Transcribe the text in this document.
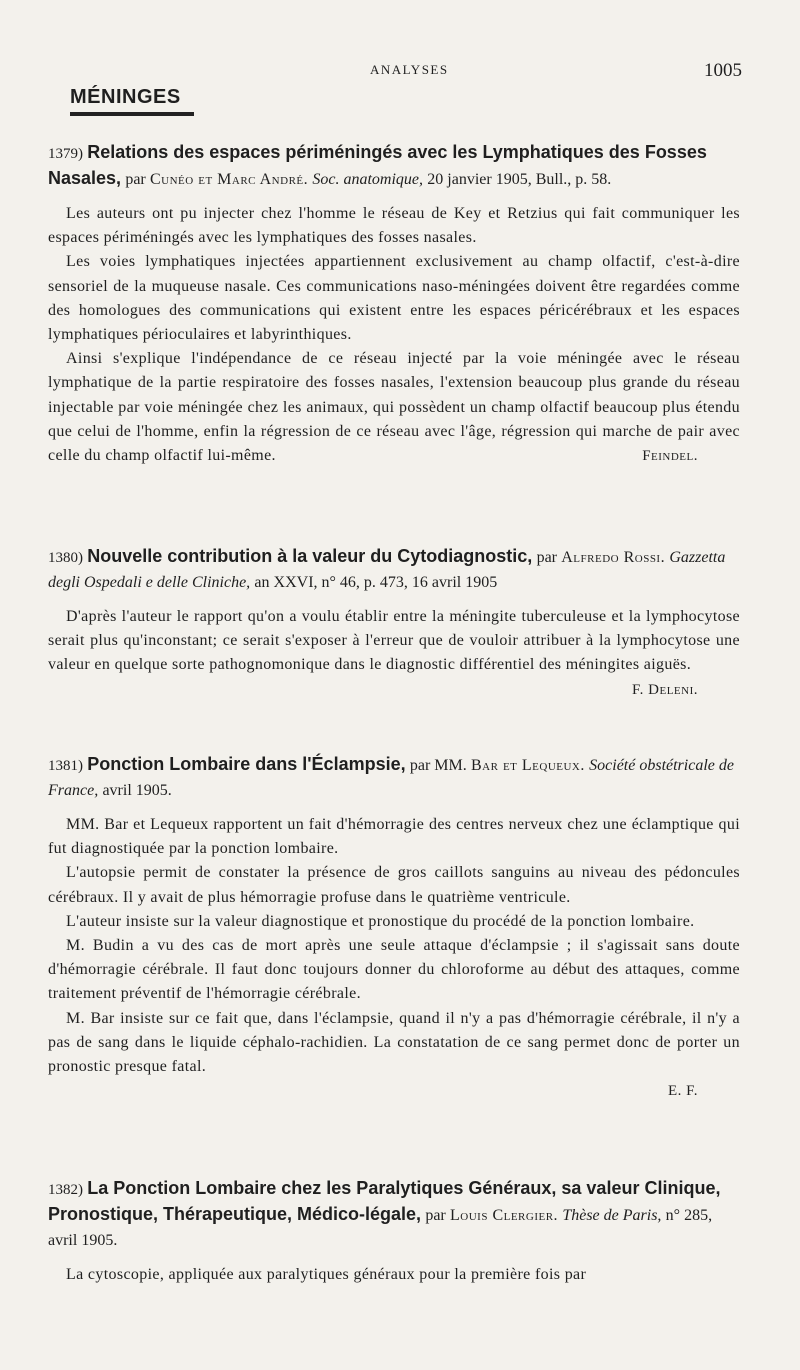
ANALYSES	1005
MÉNINGES

1379) Relations des espaces périméningés avec les Lymphatiques des Fosses Nasales, par Cunéo et Marc André. Soc. anatomique, 20 janvier 1905, Bull., p. 58.

Les auteurs ont pu injecter chez l'homme le réseau de Key et Retzius qui fait communiquer les espaces périméningés avec les lymphatiques des fosses nasales.

Les voies lymphatiques injectées appartiennent exclusivement au champ olfactif, c'est-à-dire sensoriel de la muqueuse nasale. Ces communications naso-méningées doivent être regardées comme des homologues des communications qui existent entre les espaces péricérébraux et les espaces lymphatiques périoculaires et labyrinthiques.

Ainsi s'explique l'indépendance de ce réseau injecté par la voie méningée avec le réseau lymphatique de la partie respiratoire des fosses nasales, l'extension beaucoup plus grande du réseau injectable par voie méningée chez les animaux, qui possèdent un champ olfactif beaucoup plus étendu que celui de l'homme, enfin la régression de ce réseau avec l'âge, régression qui marche de pair avec celle du champ olfactif lui-même.	Feindel.

1380) Nouvelle contribution à la valeur du Cytodiagnostic, par Alfredo Rossi. Gazzetta degli Ospedali e delle Cliniche, an XXVI, n° 46, p. 473, 16 avril 1905

D'après l'auteur le rapport qu'on a voulu établir entre la méningite tuberculeuse et la lymphocytose serait plus qu'inconstant; ce serait s'exposer à l'erreur que de vouloir attribuer à la lymphocytose une valeur en quelque sorte pathognomonique dans le diagnostic différentiel des méningites aiguës.

F. Deleni.

1381) Ponction Lombaire dans l'Éclampsie, par MM. Bar et Lequeux. Société obstétricale de France, avril 1905.

MM. Bar et Lequeux rapportent un fait d'hémorragie des centres nerveux chez une éclamptique qui fut diagnostiquée par la ponction lombaire.

L'autopsie permit de constater la présence de gros caillots sanguins au niveau des pédoncules cérébraux. Il y avait de plus hémorragie profuse dans le quatrième ventricule.

L'auteur insiste sur la valeur diagnostique et pronostique du procédé de la ponction lombaire.

M. Budin a vu des cas de mort après une seule attaque d'éclampsie ; il s'agissait sans doute d'hémorragie cérébrale. Il faut donc toujours donner du chloroforme au début des attaques, comme traitement préventif de l'hémorragie cérébrale.

M. Bar insiste sur ce fait que, dans l'éclampsie, quand il n'y a pas d'hémorragie cérébrale, il n'y a pas de sang dans le liquide céphalo-rachidien. La constatation de ce sang permet donc de porter un pronostic presque fatal.

E. F.

1382) La Ponction Lombaire chez les Paralytiques Généraux, sa valeur Clinique, Pronostique, Thérapeutique, Médico-légale, par Louis Clergier. Thèse de Paris, n° 285, avril 1905.

La cytoscopie, appliquée aux paralytiques généraux pour la première fois par
